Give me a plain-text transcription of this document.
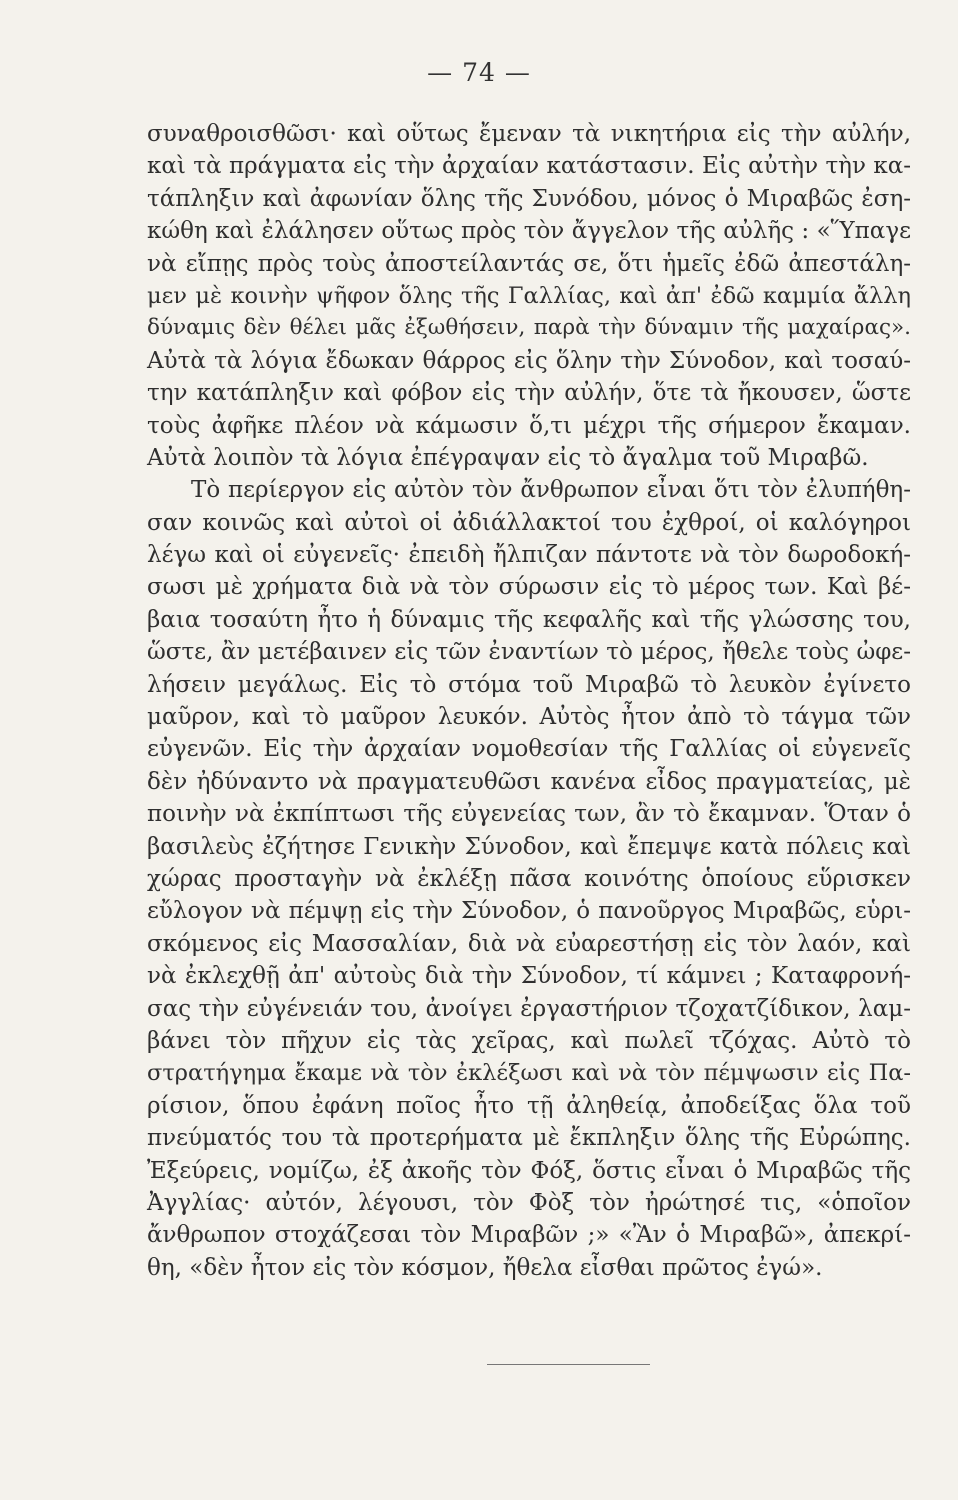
— 74 —
συναθροισθῶσι· καὶ οὕτως ἔμεναν τὰ νικητήρια εἰς τὴν αὐλήν,
καὶ τὰ πράγματα εἰς τὴν ἀρχαίαν κατάστασιν. Εἰς αὐτὴν τὴν κα-
τάπληξιν καὶ ἀφωνίαν ὅλης τῆς Συνόδου, μόνος ὁ Μιραβῶς ἐση-
κώθη καὶ ἐλάλησεν οὕτως πρὸς τὸν ἄγγελον τῆς αὐλῆς : «Ὕπαγε
νὰ εἴπῃς πρὸς τοὺς ἀποστείλαντάς σε, ὅτι ἡμεῖς ἐδῶ ἀπεστάλη-
μεν μὲ κοινὴν ψῆφον ὅλης τῆς Γαλλίας, καὶ ἀπ' ἐδῶ καμμία ἄλλη
δύναμις δὲν θέλει μᾶς ἐξωθήσειν, παρὰ τὴν δύναμιν τῆς μαχαίρας».
Αὐτὰ τὰ λόγια ἔδωκαν θάρρος εἰς ὅλην τὴν Σύνοδον, καὶ τοσαύ-
την κατάπληξιν καὶ φόβον εἰς τὴν αὐλήν, ὅτε τὰ ἤκουσεν, ὥστε
τοὺς ἀφῆκε πλέον νὰ κάμωσιν ὅ,τι μέχρι τῆς σήμερον ἔκαμαν.
Αὐτὰ λοιπὸν τὰ λόγια ἐπέγραψαν εἰς τὸ ἄγαλμα τοῦ Μιραβῶ.
Τὸ περίεργον εἰς αὐτὸν τὸν ἄνθρωπον εἶναι ὅτι τὸν ἐλυπήθη-
σαν κοινῶς καὶ αὐτοὶ οἱ ἀδιάλλακτοί του ἐχθροί, οἱ καλόγηροι
λέγω καὶ οἱ εὐγενεῖς· ἐπειδὴ ἤλπιζαν πάντοτε νὰ τὸν δωροδοκή-
σωσι μὲ χρήματα διὰ νὰ τὸν σύρωσιν εἰς τὸ μέρος των. Καὶ βέ-
βαια τοσαύτη ἦτο ἡ δύναμις τῆς κεφαλῆς καὶ τῆς γλώσσης του,
ὥστε, ἂν μετέβαινεν εἰς τῶν ἐναντίων τὸ μέρος, ἤθελε τοὺς ὠφε-
λήσειν μεγάλως. Εἰς τὸ στόμα τοῦ Μιραβῶ τὸ λευκὸν ἐγίνετο
μαῦρον, καὶ τὸ μαῦρον λευκόν. Αὐτὸς ἦτον ἀπὸ τὸ τάγμα τῶν
εὐγενῶν. Εἰς τὴν ἀρχαίαν νομοθεσίαν τῆς Γαλλίας οἱ εὐγενεῖς
δὲν ἠδύναντο νὰ πραγματευθῶσι κανένα εἶδος πραγματείας, μὲ
ποινὴν νὰ ἐκπίπτωσι τῆς εὐγενείας των, ἂν τὸ ἔκαμναν. Ὅταν ὁ
βασιλεὺς ἐζήτησε Γενικὴν Σύνοδον, καὶ ἔπεμψε κατὰ πόλεις καὶ
χώρας προσταγὴν νὰ ἐκλέξῃ πᾶσα κοινότης ὁποίους εὕρισκεν
εὔλογον νὰ πέμψῃ εἰς τὴν Σύνοδον, ὁ πανοῦργος Μιραβῶς, εὑρι-
σκόμενος εἰς Μασσαλίαν, διὰ νὰ εὐαρεστήσῃ εἰς τὸν λαόν, καὶ
νὰ ἐκλεχθῇ ἀπ' αὐτοὺς διὰ τὴν Σύνοδον, τί κάμνει ; Καταφρονή-
σας τὴν εὐγένειάν του, ἀνοίγει ἐργαστήριον τζοχατζίδικον, λαμ-
βάνει τὸν πῆχυν εἰς τὰς χεῖρας, καὶ πωλεῖ τζόχας. Αὐτὸ τὸ
στρατήγημα ἔκαμε νὰ τὸν ἐκλέξωσι καὶ νὰ τὸν πέμψωσιν εἰς Πα-
ρίσιον, ὅπου ἐφάνη ποῖος ἦτο τῇ ἀληθείᾳ, ἀποδείξας ὅλα τοῦ
πνεύματός του τὰ προτερήματα μὲ ἔκπληξιν ὅλης τῆς Εὐρώπης.
Ἐξεύρεις, νομίζω, ἐξ ἀκοῆς τὸν Φόξ, ὅστις εἶναι ὁ Μιραβῶς τῆς
Ἀγγλίας· αὐτόν, λέγουσι, τὸν Φὸξ τὸν ἠρώτησέ τις, «ὁποῖον
ἄνθρωπον στοχάζεσαι τὸν Μιραβῶν ;» «Ἂν ὁ Μιραβῶ», ἀπεκρί-
θη, «δὲν ἦτον εἰς τὸν κόσμον, ἤθελα εἶσθαι πρῶτος ἐγώ».
